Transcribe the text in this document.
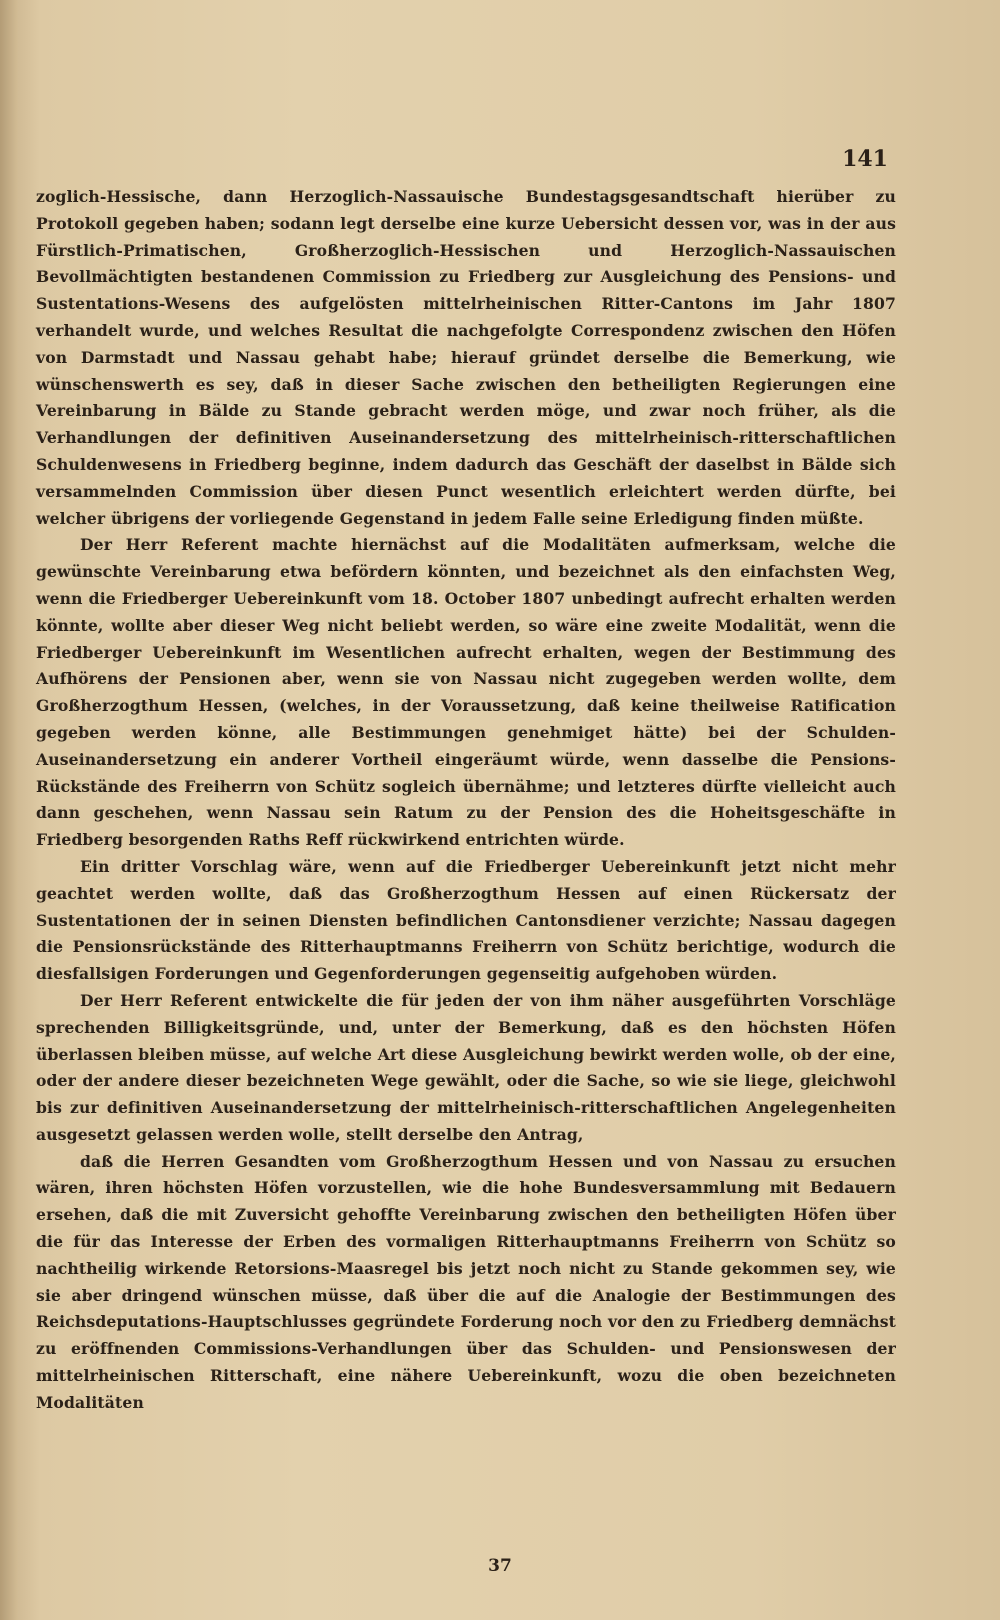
141

zoglich-Hessische, dann Herzoglich-Nassauische Bundestagsgesandtschaft hierüber zu Protokoll gegeben haben; sodann legt derselbe eine kurze Uebersicht dessen vor, was in der aus Fürstlich-Primatischen, Großherzoglich-Hessischen und Herzoglich-Nassauischen Bevollmächtigten bestandenen Commission zu Friedberg zur Ausgleichung des Pensions- und Sustentations-Wesens des aufgelösten mittelrheinischen Ritter-Cantons im Jahr 1807 verhandelt wurde, und welches Resultat die nachgefolgte Correspondenz zwischen den Höfen von Darmstadt und Nassau gehabt habe; hierauf gründet derselbe die Bemerkung, wie wünschenswerth es sey, daß in dieser Sache zwischen den betheiligten Regierungen eine Vereinbarung in Bälde zu Stande gebracht werden möge, und zwar noch früher, als die Verhandlungen der definitiven Auseinandersetzung des mittelrheinisch-ritterschaftlichen Schuldenwesens in Friedberg beginne, indem dadurch das Geschäft der daselbst in Bälde sich versammelnden Commission über diesen Punct wesentlich erleichtert werden dürfte, bei welcher übrigens der vorliegende Gegenstand in jedem Falle seine Erledigung finden müßte.

Der Herr Referent machte hiernächst auf die Modalitäten aufmerksam, welche die gewünschte Vereinbarung etwa befördern könnten, und bezeichnet als den einfachsten Weg, wenn die Friedberger Uebereinkunft vom 18. October 1807 unbedingt aufrecht erhalten werden könnte, wollte aber dieser Weg nicht beliebt werden, so wäre eine zweite Modalität, wenn die Friedberger Uebereinkunft im Wesentlichen aufrecht erhalten, wegen der Bestimmung des Aufhörens der Pensionen aber, wenn sie von Nassau nicht zugegeben werden wollte, dem Großherzogthum Hessen, (welches, in der Voraussetzung, daß keine theilweise Ratification gegeben werden könne, alle Bestimmungen genehmiget hätte) bei der Schulden-Auseinandersetzung ein anderer Vortheil eingeräumt würde, wenn dasselbe die Pensions-Rückstände des Freiherrn von Schütz sogleich übernähme; und letzteres dürfte vielleicht auch dann geschehen, wenn Nassau sein Ratum zu der Pension des die Hoheitsgeschäfte in Friedberg besorgenden Raths Reff rückwirkend entrichten würde.

Ein dritter Vorschlag wäre, wenn auf die Friedberger Uebereinkunft jetzt nicht mehr geachtet werden wollte, daß das Großherzogthum Hessen auf einen Rückersatz der Sustentationen der in seinen Diensten befindlichen Cantonsdiener verzichte; Nassau dagegen die Pensionsrückstände des Ritterhauptmanns Freiherrn von Schütz berichtige, wodurch die diesfallsigen Forderungen und Gegenforderungen gegenseitig aufgehoben würden.

Der Herr Referent entwickelte die für jeden der von ihm näher ausgeführten Vorschläge sprechenden Billigkeitsgründe, und, unter der Bemerkung, daß es den höchsten Höfen überlassen bleiben müsse, auf welche Art diese Ausgleichung bewirkt werden wolle, ob der eine, oder der andere dieser bezeichneten Wege gewählt, oder die Sache, so wie sie liege, gleichwohl bis zur definitiven Auseinandersetzung der mittelrheinisch-ritterschaftlichen Angelegenheiten ausgesetzt gelassen werden wolle, stellt derselbe den Antrag,

daß die Herren Gesandten vom Großherzogthum Hessen und von Nassau zu ersuchen wären, ihren höchsten Höfen vorzustellen, wie die hohe Bundesversammlung mit Bedauern ersehen, daß die mit Zuversicht gehoffte Vereinbarung zwischen den betheiligten Höfen über die für das Interesse der Erben des vormaligen Ritterhauptmanns Freiherrn von Schütz so nachtheilig wirkende Retorsions-Maasregel bis jetzt noch nicht zu Stande gekommen sey, wie sie aber dringend wünschen müsse, daß über die auf die Analogie der Bestimmungen des Reichsdeputations-Hauptschlusses gegründete Forderung noch vor den zu Friedberg demnächst zu eröffnenden Commissions-Verhandlungen über das Schulden- und Pensionswesen der mittelrheinischen Ritterschaft, eine nähere Uebereinkunft, wozu die oben bezeichneten Modalitäten

37
